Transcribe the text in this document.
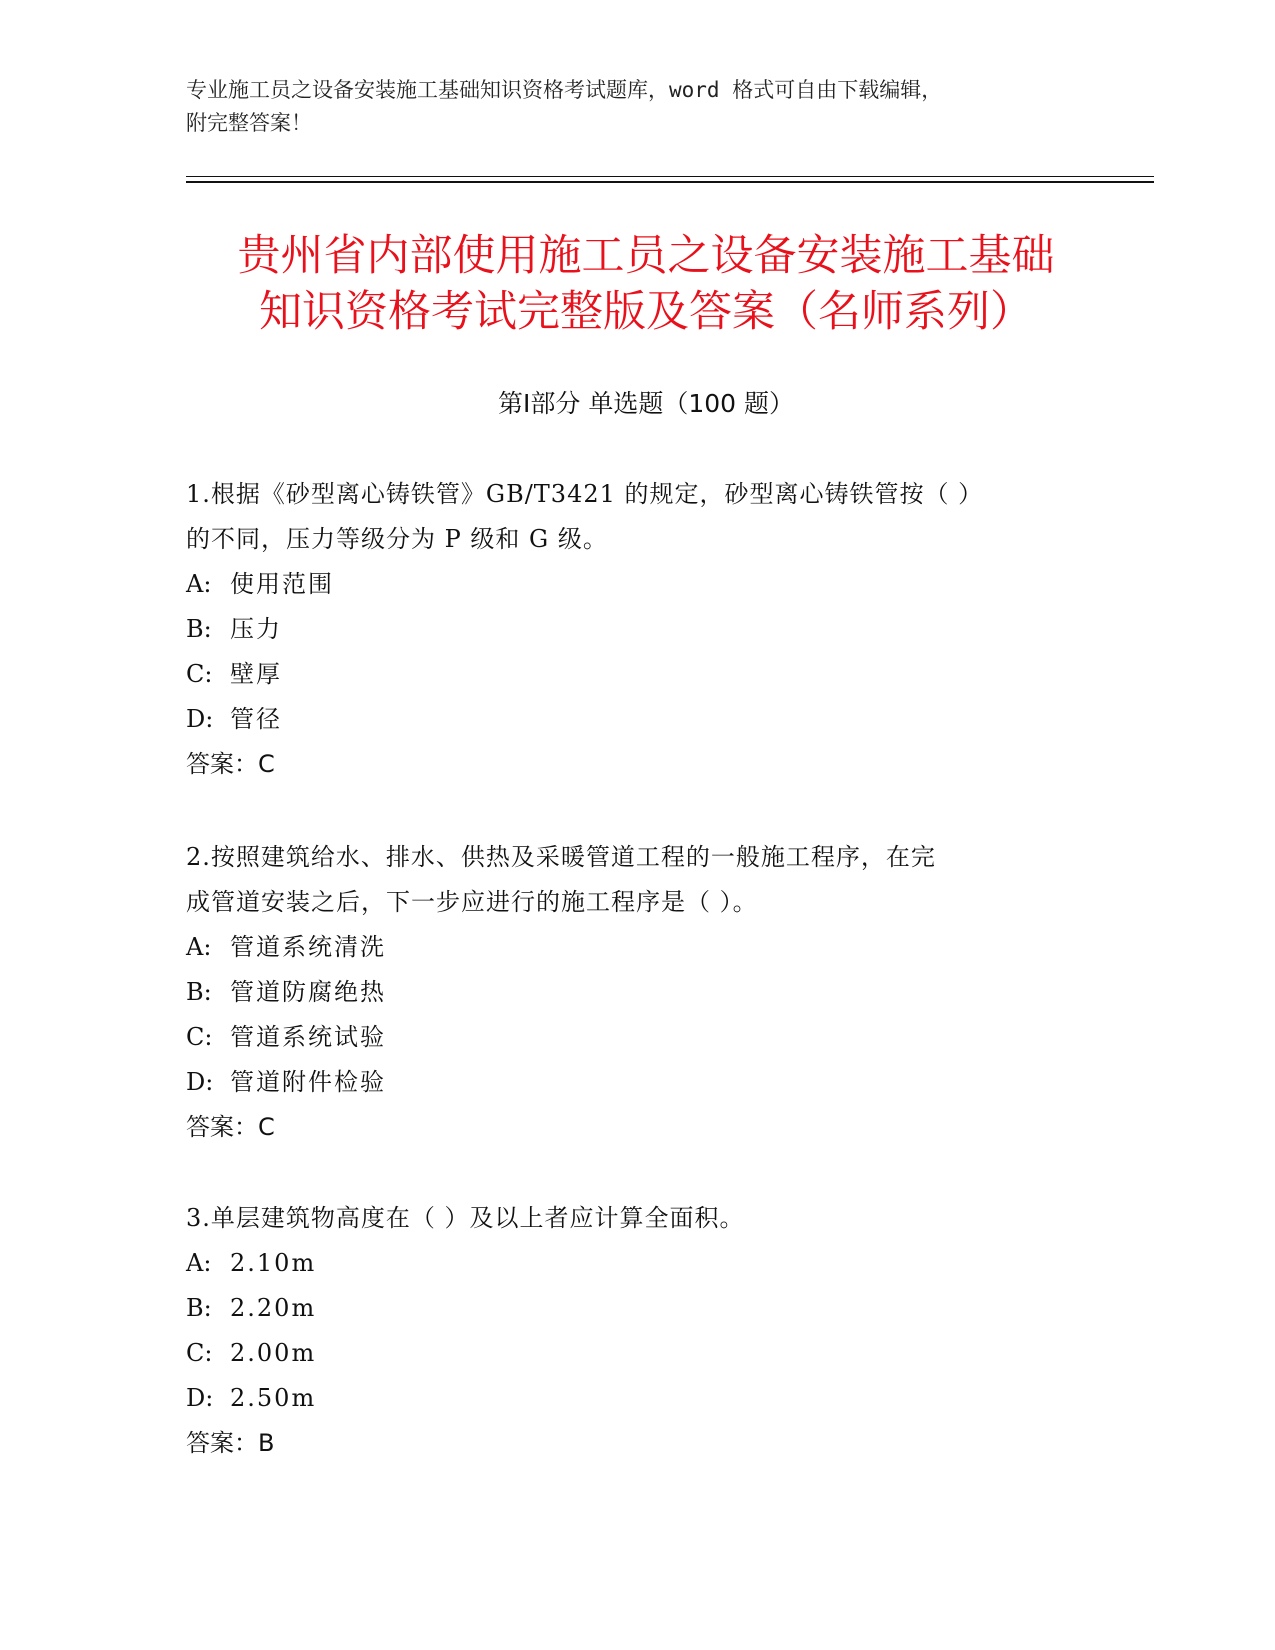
专业施工员之设备安装施工基础知识资格考试题库，word 格式可自由下载编辑，
附完整答案！
贵州省内部使用施工员之设备安装施工基础
知识资格考试完整版及答案（名师系列）
第Ⅰ部分 单选题（100 题）

1.根据《砂型离心铸铁管》GB/T3421 的规定，砂型离心铸铁管按（ ）

的不同，压力等级分为 P 级和 G 级。

A: 使用范围

B: 压力

C: 壁厚

D: 管径

答案：C

2.按照建筑给水、排水、供热及采暖管道工程的一般施工程序，在完

成管道安装之后，下一步应进行的施工程序是（ ）。

A: 管道系统清洗

B: 管道防腐绝热

C: 管道系统试验

D: 管道附件检验

答案：C

3.单层建筑物高度在（ ）及以上者应计算全面积。

A: 2.10m

B: 2.20m

C: 2.00m

D: 2.50m

答案：B
